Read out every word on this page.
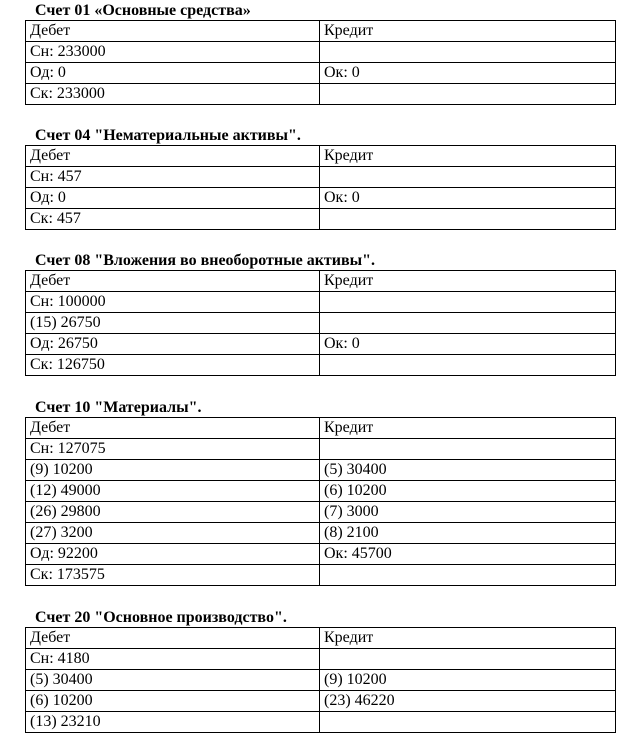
Счет 01 «Основные средства»
Дебет	Кредит
Сн: 233000	
Од: 0	Ок: 0
Ск: 233000	
Счет 04 "Нематериальные активы".
Дебет	Кредит
Сн: 457	
Од: 0	Ок: 0
Ск: 457	
Счет 08 "Вложения во внеоборотные активы".
Дебет	Кредит
Сн: 100000	
(15) 26750	
Од: 26750	Ок: 0
Ск: 126750	
Счет 10 "Материалы".
Дебет	Кредит
Сн: 127075	
(9) 10200	(5) 30400
(12) 49000	(6) 10200
(26) 29800	(7) 3000
(27) 3200	(8) 2100
Од: 92200	Ок: 45700
Ск: 173575	
Счет 20 "Основное производство".
Дебет	Кредит
Сн: 4180	
(5) 30400	(9) 10200
(6) 10200	(23) 46220
(13) 23210	
